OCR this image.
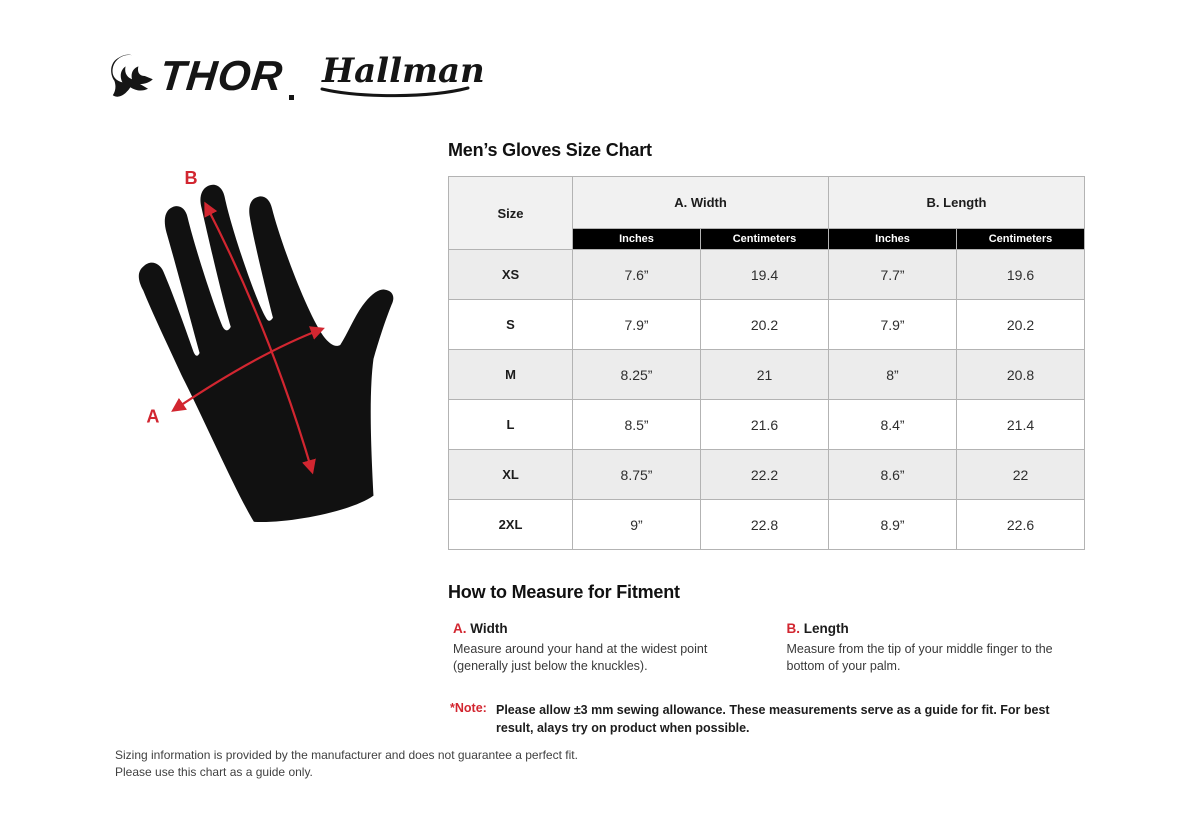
THOR Hallman
B
A
Men’s Gloves Size Chart
Size	A. Width		B. Length	
	Inches	Centimeters	Inches	Centimeters
XS	7.6”	19.4	7.7”	19.6
S	7.9”	20.2	7.9”	20.2
M	8.25”	21	8”	20.8
L	8.5”	21.6	8.4”	21.4
XL	8.75”	22.2	8.6”	22
2XL	9”	22.8	8.9”	22.6
How to Measure for Fitment
A. Width

Measure around your hand at the widest point (generally just below the knuckles).

B. Length

Measure from the tip of your middle finger to the bottom of your palm.

*Note: Please allow ±3 mm sewing allowance. These measurements serve as a guide for fit. For best result, alays try on product when possible.
Sizing information is provided by the manufacturer and does not guarantee a perfect fit.
Please use this chart as a guide only.
